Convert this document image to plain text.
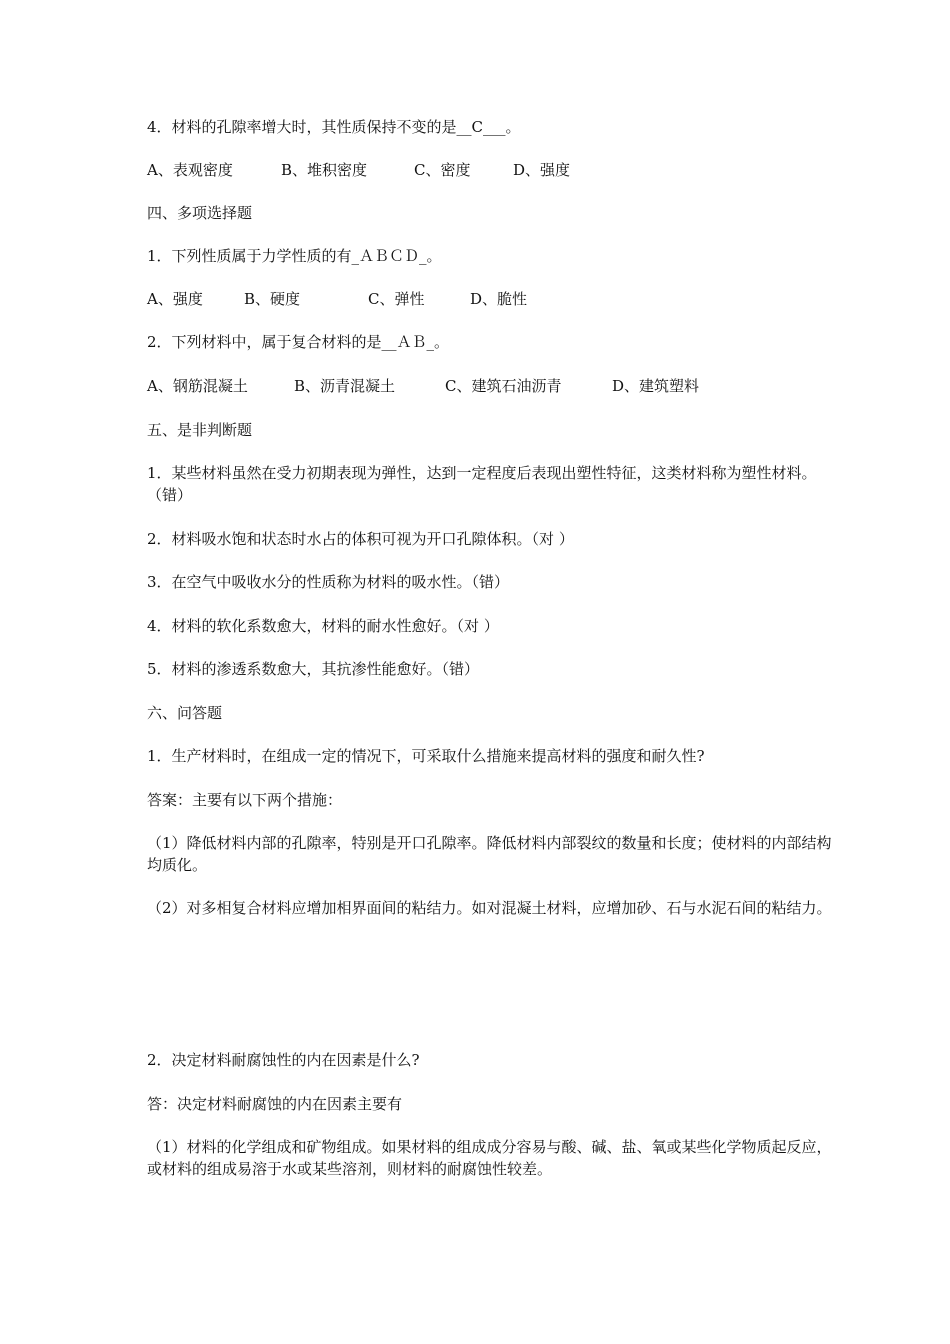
4．材料的孔隙率增大时，其性质保持不变的是__C___。
A、表观密度	B、堆积密度	C、密度	D、强度
四、多项选择题
1．下列性质属于力学性质的有_ＡＢＣＤ_。
A、强度	B、硬度	C、弹性	D、脆性
2．下列材料中，属于复合材料的是__ＡＢ_。
A、钢筋混凝土	B、沥青混凝土	C、建筑石油沥青	D、建筑塑料
五、是非判断题
1．某些材料虽然在受力初期表现为弹性，达到一定程度后表现出塑性特征，这类材料称为塑性材料。（错）
2．材料吸水饱和状态时水占的体积可视为开口孔隙体积。（对 ）
3．在空气中吸收水分的性质称为材料的吸水性。（错）
4．材料的软化系数愈大，材料的耐水性愈好。（对 ）
5．材料的渗透系数愈大，其抗渗性能愈好。（错）
六、问答题
1．生产材料时，在组成一定的情况下，可采取什么措施来提高材料的强度和耐久性?
答案：主要有以下两个措施：
（1）降低材料内部的孔隙率，特别是开口孔隙率。降低材料内部裂纹的数量和长度；使材料的内部结构均质化。
（2）对多相复合材料应增加相界面间的粘结力。如对混凝土材料，应增加砂、石与水泥石间的粘结力。
2．决定材料耐腐蚀性的内在因素是什么?
答：决定材料耐腐蚀的内在因素主要有
（1）材料的化学组成和矿物组成。如果材料的组成成分容易与酸、碱、盐、氧或某些化学物质起反应，或材料的组成易溶于水或某些溶剂，则材料的耐腐蚀性较差。
